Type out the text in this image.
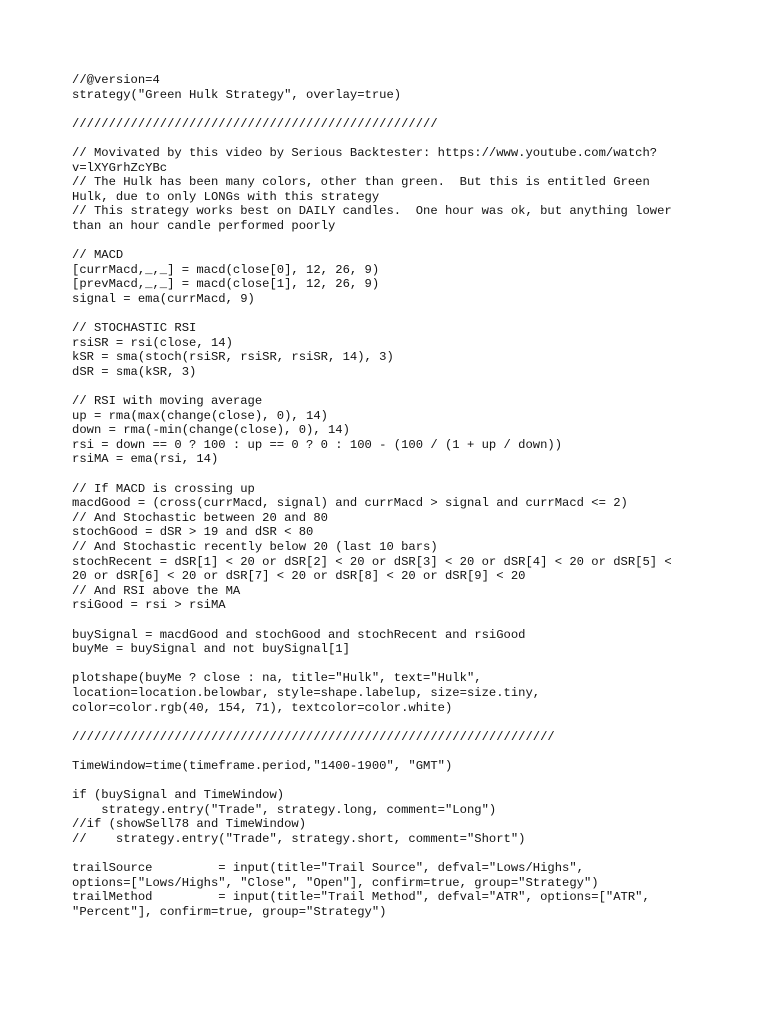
//@version=4
strategy("Green Hulk Strategy", overlay=true)
//////////////////////////////////////////////////
// Movivated by this video by Serious Backtester: https://www.youtube.com/watch?
v=lXYGrhZcYBc
// The Hulk has been many colors, other than green.  But this is entitled Green
Hulk, due to only LONGs with this strategy
// This strategy works best on DAILY candles.  One hour was ok, but anything lower
than an hour candle performed poorly
// MACD
[currMacd,_,_] = macd(close[0], 12, 26, 9)
[prevMacd,_,_] = macd(close[1], 12, 26, 9)
signal = ema(currMacd, 9)
// STOCHASTIC RSI
rsiSR = rsi(close, 14)
kSR = sma(stoch(rsiSR, rsiSR, rsiSR, 14), 3)
dSR = sma(kSR, 3)
// RSI with moving average
up = rma(max(change(close), 0), 14)
down = rma(-min(change(close), 0), 14)
rsi = down == 0 ? 100 : up == 0 ? 0 : 100 - (100 / (1 + up / down))
rsiMA = ema(rsi, 14)
// If MACD is crossing up
macdGood = (cross(currMacd, signal) and currMacd > signal and currMacd <= 2)
// And Stochastic between 20 and 80
stochGood = dSR > 19 and dSR < 80
// And Stochastic recently below 20 (last 10 bars)
stochRecent = dSR[1] < 20 or dSR[2] < 20 or dSR[3] < 20 or dSR[4] < 20 or dSR[5] <
20 or dSR[6] < 20 or dSR[7] < 20 or dSR[8] < 20 or dSR[9] < 20
// And RSI above the MA
rsiGood = rsi > rsiMA
buySignal = macdGood and stochGood and stochRecent and rsiGood
buyMe = buySignal and not buySignal[1]
plotshape(buyMe ? close : na, title="Hulk", text="Hulk",
location=location.belowbar, style=shape.labelup, size=size.tiny,
color=color.rgb(40, 154, 71), textcolor=color.white)
//////////////////////////////////////////////////////////////////
TimeWindow=time(timeframe.period,"1400-1900", "GMT")
if (buySignal and TimeWindow)
strategy.entry("Trade", strategy.long, comment="Long")
//if (showSell78 and TimeWindow)
//    strategy.entry("Trade", strategy.short, comment="Short")
trailSource         = input(title="Trail Source", defval="Lows/Highs",
options=["Lows/Highs", "Close", "Open"], confirm=true, group="Strategy")
trailMethod         = input(title="Trail Method", defval="ATR", options=["ATR",
"Percent"], confirm=true, group="Strategy")
